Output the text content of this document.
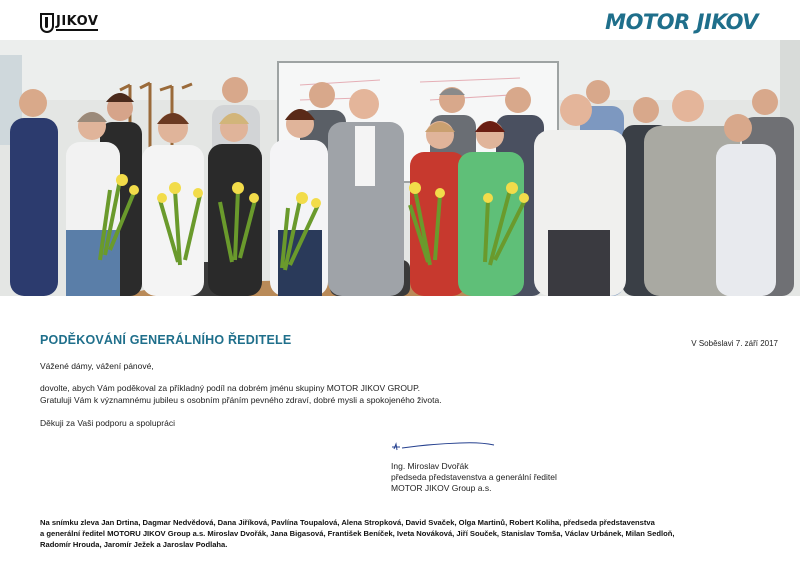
JIKOV	MOTOR JIKOV
PODĚKOVÁNÍ GENERÁLNÍHO ŘEDITELE	V Soběslavi 7. září 2017
Vážené dámy, vážení pánové,
dovolte, abych Vám poděkoval za příkladný podíl na dobrém jménu skupiny MOTOR JIKOV GROUP.
Gratuluji Vám k významnému jubileu s osobním přáním pevného zdraví, dobré mysli a spokojeného života.
Děkuji za Vaši podporu a spolupráci
Ing. Miroslav Dvořák
předseda představenstva a generální ředitel
MOTOR JIKOV Group a.s.
Na snímku zleva Jan Drtina, Dagmar Nedvědová, Dana Jiříková, Pavlína Toupalová, Alena Stropková, David Svaček, Olga Martinů, Robert Koliha, předseda představenstva
a generální ředitel MOTORU JIKOV Group a.s. Miroslav Dvořák, Jana Bigasová, František Beníček, Iveta Nováková, Jiří Souček, Stanislav Tomša, Václav Urbánek, Milan Sedloň,
Radomír Hrouda, Jaromír Ježek a Jaroslav Podlaha.
